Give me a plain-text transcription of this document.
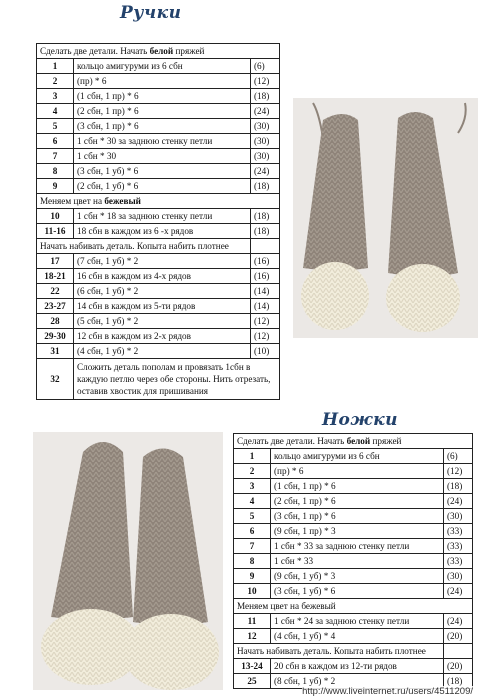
Ручки
Сделать две детали. Начать белой пряжей		
1	кольцо амигуруми из 6 сбн	(6)
2	(пр) * 6	(12)
3	(1 сбн, 1 пр) * 6	(18)
4	(2 сбн, 1 пр) * 6	(24)
5	(3 сбн, 1 пр) * 6	(30)
6	1 сбн * 30 за заднюю стенку петли	(30)
7	1 сбн * 30	(30)
8	(3 сбн, 1 уб) * 6	(24)
9	(2 сбн, 1 уб) * 6	(18)
Меняем цвет на бежевый		
10	1 сбн * 18 за заднюю стенку петли	(18)
11-16	18 сбн в каждом из 6 -х рядов	(18)
Начать набивать деталь. Копыта набить плотнее		
17	(7 сбн, 1 уб) * 2	(16)
18-21	16 сбн в каждом из 4-х рядов	(16)
22	(6 сбн, 1 уб) * 2	(14)
23-27	14 сбн в каждом из 5-ти рядов	(14)
28	(5 сбн, 1 уб) * 2	(12)
29-30	12 сбн в каждом из 2-х рядов	(12)
31	(4 сбн, 1 уб) * 2	(10)
32	Сложить деталь пополам и провязать 1сбн в каждую петлю через обе стороны. Нить отрезать, оставив хвостик для пришивания	
Ножки
Сделать две детали. Начать белой пряжей		
1	кольцо амигуруми из 6 сбн	(6)
2	(пр) * 6	(12)
3	(1 сбн, 1 пр) * 6	(18)
4	(2 сбн, 1 пр) * 6	(24)
5	(3 сбн, 1 пр) * 6	(30)
6	(9 сбн, 1 пр) * 3	(33)
7	1 сбн * 33 за заднюю стенку петли	(33)
8	1 сбн * 33	(33)
9	(9 сбн, 1 уб) * 3	(30)
10	(3 сбн, 1 уб) * 6	(24)
Меняем цвет на бежевый		
11	1 сбн * 24 за заднюю стенку петли	(24)
12	(4 сбн, 1 уб) * 4	(20)
Начать набивать деталь. Копыта набить плотнее		
13-24	20 сбн в каждом из 12-ти рядов	(20)
25	(8 сбн, 1 уб) * 2	(18)
http://www.liveinternet.ru/users/4511209/
